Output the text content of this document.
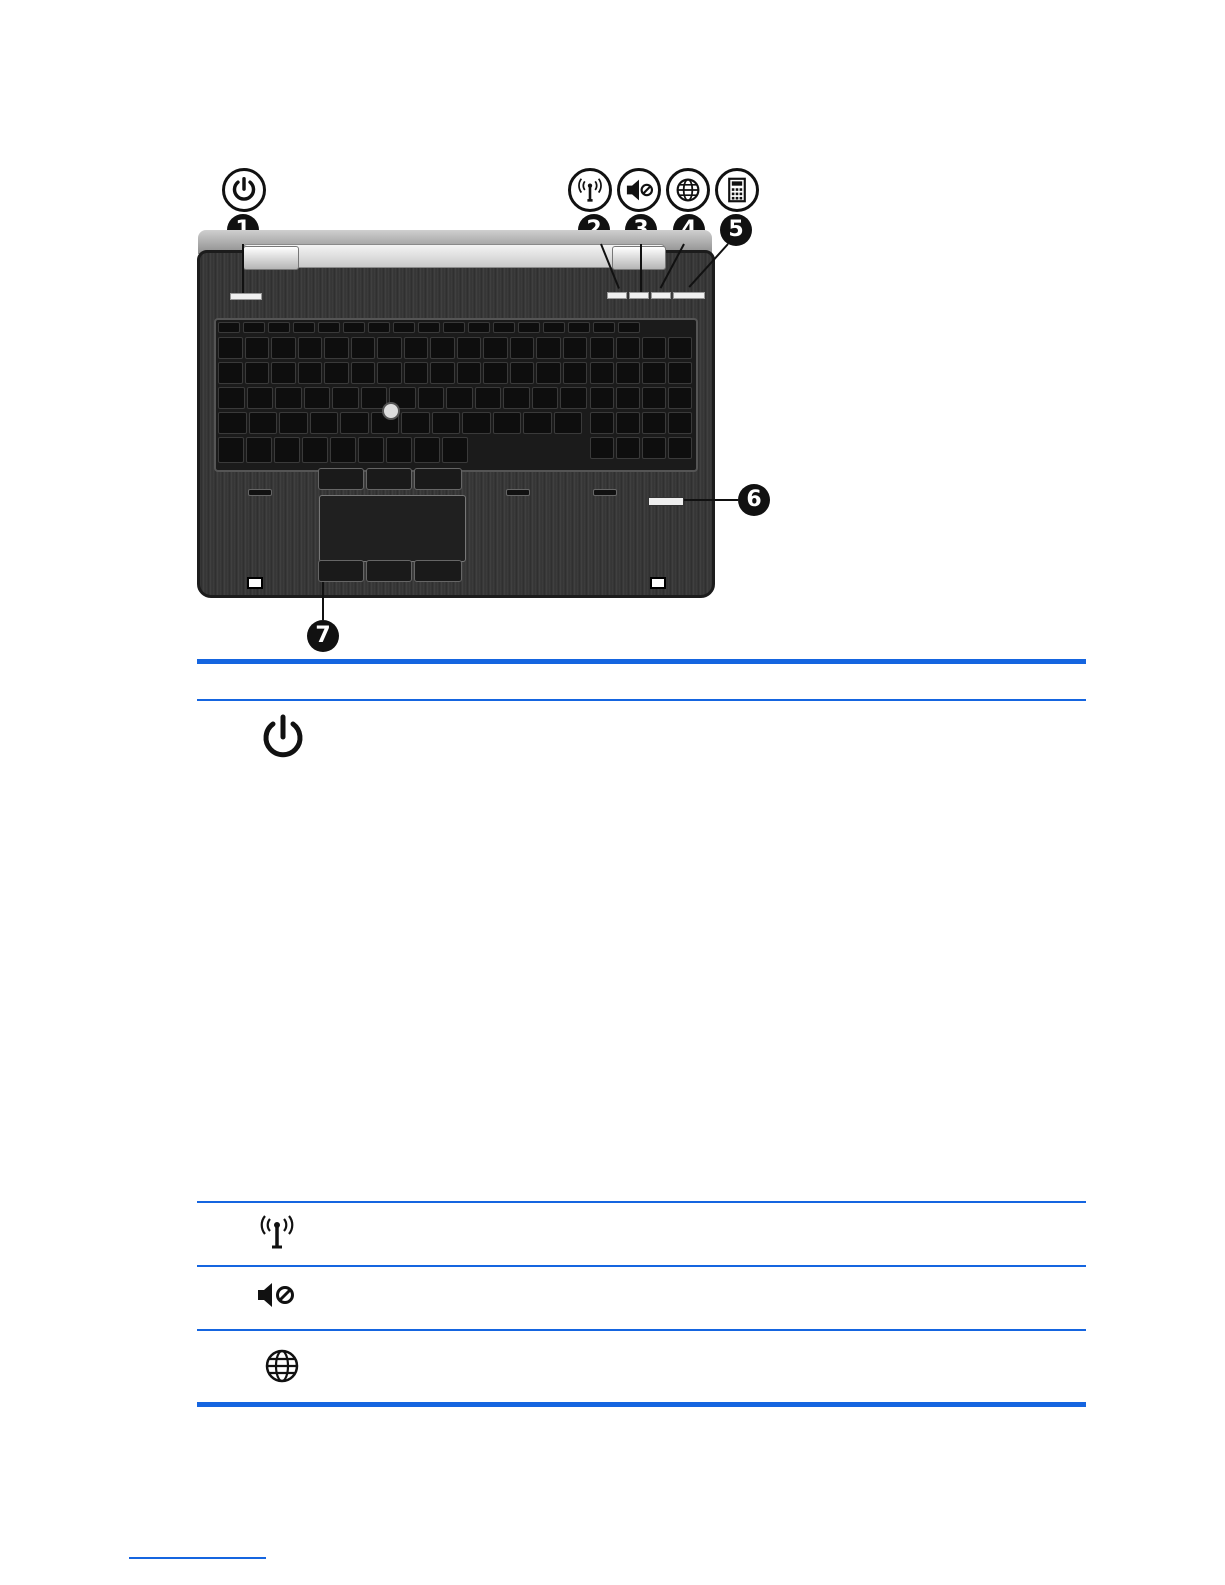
5
6
7
